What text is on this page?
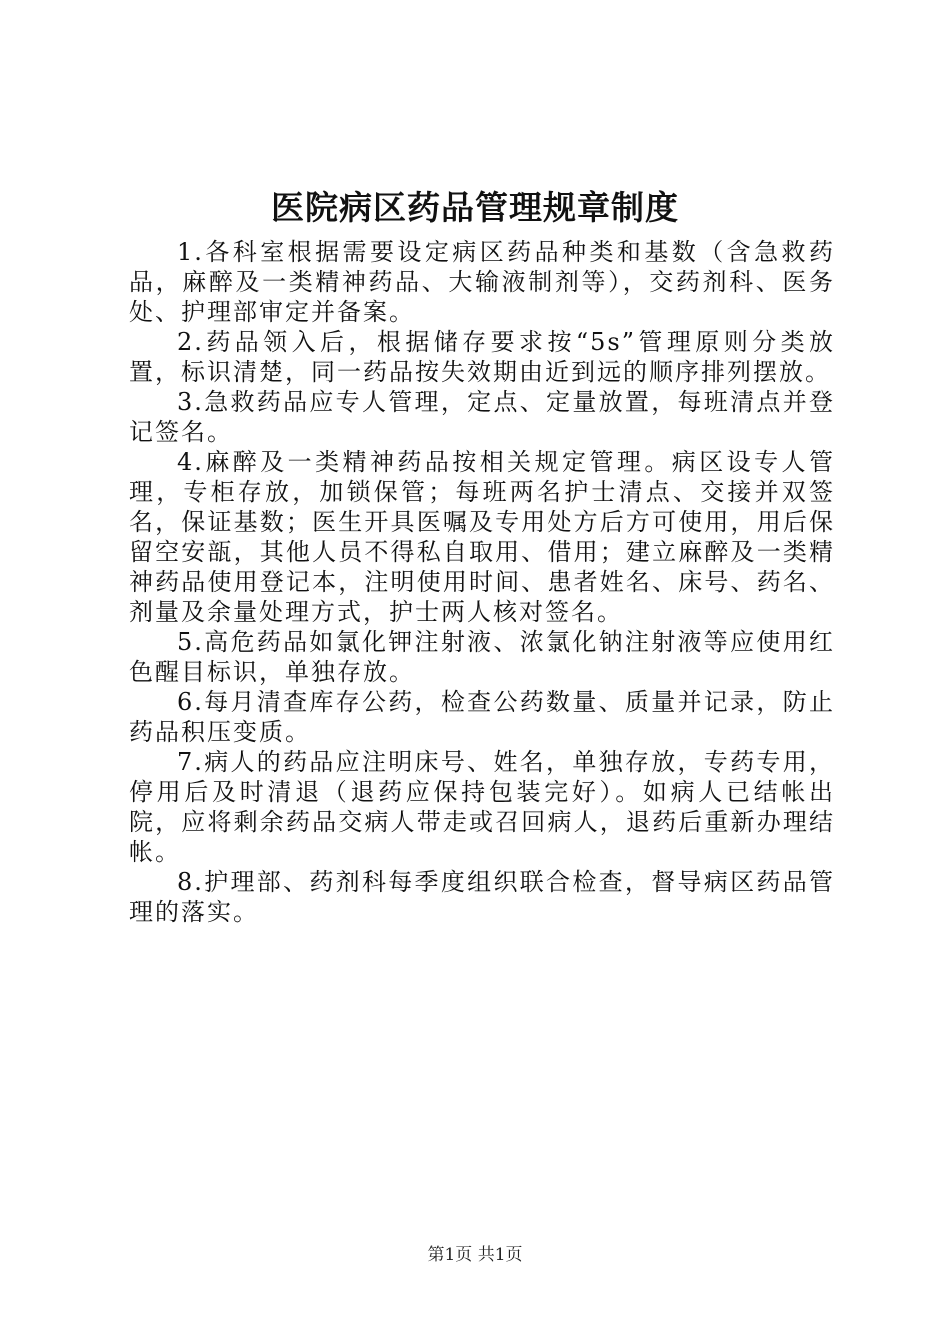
医院病区药品管理规章制度

1.各科室根据需要设定病区药品种类和基数（含急救药品，麻醉及一类精神药品、大输液制剂等），交药剂科、医务处、护理部审定并备案。

2.药品领入后，根据储存要求按“5s”管理原则分类放置，标识清楚，同一药品按失效期由近到远的顺序排列摆放。

3.急救药品应专人管理，定点、定量放置，每班清点并登记签名。

4.麻醉及一类精神药品按相关规定管理。病区设专人管理，专柜存放，加锁保管；每班两名护士清点、交接并双签名，保证基数；医生开具医嘱及专用处方后方可使用，用后保留空安瓿，其他人员不得私自取用、借用；建立麻醉及一类精神药品使用登记本，注明使用时间、患者姓名、床号、药名、剂量及余量处理方式，护士两人核对签名。

5.高危药品如氯化钾注射液、浓氯化钠注射液等应使用红色醒目标识，单独存放。

6.每月清查库存公药，检查公药数量、质量并记录，防止药品积压变质。

7.病人的药品应注明床号、姓名，单独存放，专药专用，停用后及时清退（退药应保持包装完好）。如病人已结帐出院，应将剩余药品交病人带走或召回病人，退药后重新办理结帐。

8.护理部、药剂科每季度组织联合检查，督导病区药品管理的落实。

第1页 共1页
